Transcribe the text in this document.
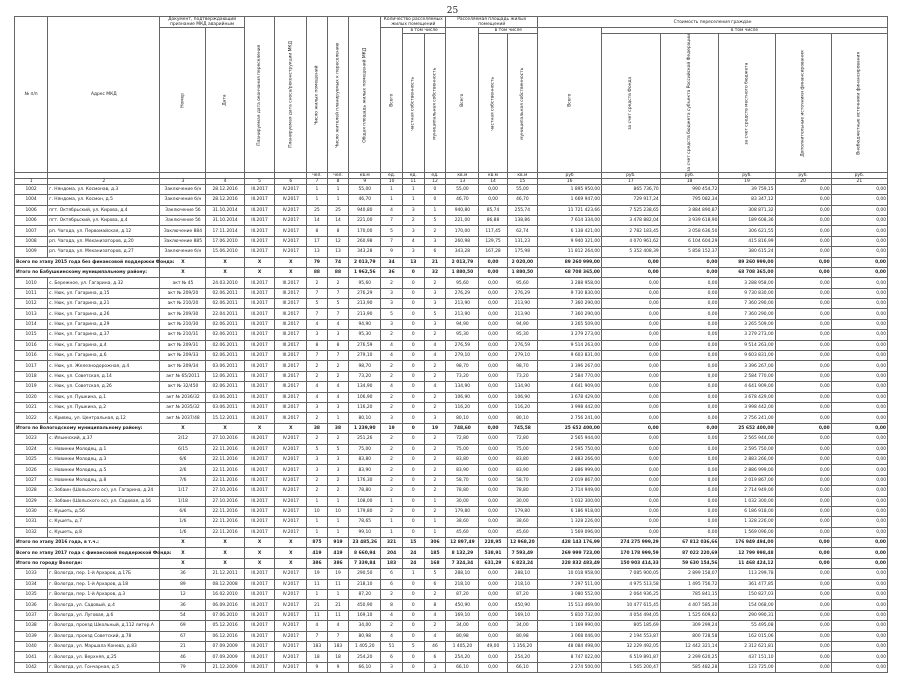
25
№ п/п	Адрес МКД	Документ, подтверждающий признание МКД аварийным		Планируемая дата окончания переселения	Планируемая дата сноса/реконструкции МКД	Число жилых помещений	Число жителей планируемых к переселению	Общая площадь жилых помещений МКД	Количество расселяемых жилых помещений			Расселяемая площадь жилых помещений			Стоимость переселения граждан					
		Номер	Дата						Всего	в том числе		Всего	в том числе		Всего	в том числе				
										частная собственность	муниципальная собственность		частная собственность	муниципальная собственность		за счет средств Фонда	за счет средств бюджета субъекта Российской Федерации	за счет средств местного бюджета	Дополнительные источники финансирования	Внебюджетные источники финансирования
						чел.	чел.	кв.м	ед.	ед.	ед.	кв.м	кв.м	кв.м	руб	руб.	руб.	руб.	руб.	руб.
1	2	3	4	5	6	7	8	9	10	11	12	13	14	15	16	17	18	19	20	21
1002	г. Няндома, ул. Космонав, д.3	Заключение б/н	28.12.2016	III.2017	IV.2017	1	1	55,00	1	1	0	55,00	0,00	55,00	1 895 950,00	865 736,70	990 454,72	39 759,15	0,00	0,00
1004	г. Няндома, ул. Космон, д.5	Заключение б/н	28.12.2016	III.2017	IV.2017	1	1	46,70	1	1	0	46,70	0,00	46,70	1 669 947,00	729 917,24	795 082,34	83 347,12	0,00	0,00
1006	пгт. Октябрьский, ул. Кирова, д.4	Заключение 5б	31.10.2014	III.2017	IV.2017	25	25	940,80	4	3	1	940,80	85,74	255,74	11 721 423,66	7 525 238,65	3 884 890,87	308 871,32	0,00	0,00
1006	пгт. Октябрьский, ул. Кирова, д.4	Заключение 5б	31.10.2014	III.2017	IV.2017	14	14	221,00	7	2	5	221,00	86,88	138,86	7 614 334,00	3 478 882,04	3 939 618,90	189 608,36	0,00	0,00
1007	рп. Чагода, ул. Первомайская, д.12	Заключение 884	17.11.2014	III.2017	IV.2017	8	8	170,00	5	3	2	170,00	117,45	62,74	6 138 421,00	2 782 183,45	3 058 636,50	306 621,55	0,00	0,00
1008	рп. Чагода, ул. Механизаторов, д.20	Заключение 885	17.06.2010	III.2017	IV.2017	17	12	260,98	7	4	3	260,98	129,75	131,23	9 940 321,00	4 070 961,62	6 104 604,29	415 816,99	0,00	0,00
1009	рп. Чагода, ул. Механизаторов, д.27	Заключение б/н	15.06.2010	III.2017	IV.2017	13	13	343,28	9	3	6	343,28	167,28	175,98	11 812 264,00	5 352 408,39	5 858 152,37	380 615,24	0,00	0,00
Всего по этапу 2015 года без финансовой поддержки Фонда:		X	X	X	X	79	74	2 013,79	34	13	21	2 013,79	0,00	2 020,00	89 260 999,00	0,00	0,00	89 260 999,00	0,00	0,00
Итого по Бабушкинскому муниципальному району:		X	X	X	X	88	88	1 962,56	36	0	32	1 880,50	0,00	1 880,50	68 708 365,00	0,00	0,00	68 708 365,00	0,00	0,00
1010	с. Бережное, ул. Гагарина, д.32	акт № 45	24.03.2010	III.2017	III.2017	2	2	95,60	2	0	2	95,60	0,00	95,60	3 288 958,00	0,00	0,00	3 288 958,00	0,00	0,00
1011	с. Нюк, ул. Гагарина, д.15	акт № 209/20	02.06.2011	III.2017	III.2017	7	7	276,29	3	0	3	276,29	0,00	276,29	9 730 830,00	0,00	0,00	9 730 830,00	0,00	0,00
1012	с. Нюк, ул. Гагарина, д.21	акт № 210/20	02.06.2011	III.2017	III.2017	5	5	213,90	3	0	3	213,90	0,00	213,90	7 360 290,00	0,00	0,00	7 360 290,00	0,00	0,00
1013	с. Нюк, ул. Гагарина, д.26	акт № 209/30	22.04.2011	III.2017	III.2017	7	7	213,90	5	0	5	213,90	0,00	213,90	7 360 290,00	0,00	0,00	7 360 290,00	0,00	0,00
1014	с. Нюк, ул. Гагарина, д.29	акт № 210/30	02.06.2011	III.2017	III.2017	4	4	94,90	3	0	3	94,90	0,00	94,90	3 265 509,00	0,00	0,00	3 265 509,00	0,00	0,00
1015	с. Нюк, ул. Гагарина, д.37	акт № 210/31	02.06.2011	III.2017	III.2017	3	3	95,30	2	0	2	95,30	0,00	95,30	3 279 273,00	0,00	0,00	3 279 273,00	0,00	0,00
1016	с. Нюк, ул. Гагарина, д.4	акт № 209/31	02.06.2011	III.2017	III.2017	8	8	276,59	4	0	4	276,59	0,00	276,59	9 514 263,00	0,00	0,00	9 514 263,00	0,00	0,00
1016	с. Нюк, ул. Гагарина, д.6	акт № 209/33	02.06.2011	III.2017	III.2017	7	7	279,10	4	0	4	279,10	0,00	279,10	9 603 831,00	0,00	0,00	9 603 831,00	0,00	0,00
1017	с. Нюк, ул. Железнодорожная, д.4	акт № 209/34	03.06.2011	III.2017	III.2017	2	2	98,70	2	0	2	98,70	0,00	98,70	3 396 267,00	0,00	0,00	3 396 267,00	0,00	0,00
1018	с. Нюк, ул. Советская, д.14	акт № 65/2011	12.06.2011	III.2017	III.2017	2	2	73,20	2	0	2	73,20	0,00	73,20	2 584 770,00	0,00	0,00	2 584 770,00	0,00	0,00
1019	с. Нюк, ул. Советская, д.26	акт № 32/450	02.06.2011	III.2017	III.2017	4	4	134,90	4	0	4	134,90	0,00	134,90	4 641 909,00	0,00	0,00	4 641 909,00	0,00	0,00
1020	с. Нюк, ул. Пушкина, д.1	акт № 2036/32	03.06.2011	III.2017	III.2017	4	4	106,90	2	0	2	106,90	0,00	106,90	3 678 429,00	0,00	0,00	3 678 429,00	0,00	0,00
1021	с. Нюк, ул. Пушкина, д.2	акт № 2035/32	03.06.2011	III.2017	III.2017	3	3	116,20	2	0	2	116,20	0,00	116,20	3 998 442,00	0,00	0,00	3 998 442,00	0,00	0,00
1022	с. Кривец, ул. Центральная, д.12	акт № 2037/48	15.12.2011	III.2017	III.2017	2	1	80,10	3	0	3	80,10	0,00	80,10	2 756 241,00	0,00	0,00	2 756 241,00	0,00	0,00
Итого по Вологодскому муниципальному району:		X	X	X	X	38	38	1 239,90	19	0	19	748,60	0,00	745,58	25 652 400,00	0,00	0,00	25 652 400,00	0,00	0,00
1023	с. Ильинский, д.37	2/12	27.10.2016	III.2017	IV.2017	2	2	251,26	2	0	2	72,80	0,00	72,80	2 565 944,00	0,00	0,00	2 565 944,00	0,00	0,00
1024	с. Новинки Молодец, д.1	6/15	22.11.2016	III.2017	IV.2017	5	5	75,00	2	0	2	75,00	0,00	75,00	2 595 750,00	0,00	0,00	2 595 750,00	0,00	0,00
1025	с. Новинки Молодец, д.3	6/6	22.11.2016	III.2017	IV.2017	3	3	83,80	2	0	2	83,80	0,00	83,80	2 883 266,00	0,00	0,00	2 883 266,00	0,00	0,00
1026	с. Новинки Молодец, д.5	2/6	22.11.2016	III.2017	IV.2017	3	3	83,90	2	0	2	83,90	0,00	83,90	2 886 999,00	0,00	0,00	2 886 999,00	0,00	0,00
1027	с. Новинки Молодец, д.8	7/6	22.11.2016	III.2017	IV.2017	2	2	176,30	2	0	2	58,70	0,00	58,70	2 019 867,00	0,00	0,00	2 019 867,00	0,00	0,00
1028	с. Зобаин (Шольского ос), ул. Гагарина, д.24	1/17	27.10.2016	III.2017	IV.2017	2	2	78,80	2	0	2	78,80	0,00	78,80	2 714 949,00	0,00	0,00	2 714 949,00	0,00	0,00
1029	с. Зобаин (Шольского ос), ул. Садовая, д.16	1/18	27.10.2016	III.2017	IV.2017	1	1	108,00	1	0	1	30,00	0,00	30,00	1 032 300,00	0,00	0,00	1 032 300,00	0,00	0,00
1030	с. Кушеть, д.56	6/6	22.11.2016	III.2017	IV.2017	10	10	179,80	2	0	2	179,80	0,00	179,80	6 186 918,00	0,00	0,00	6 186 918,00	0,00	0,00
1031	с. Кушеть, д.7	1/6	22.11.2016	III.2017	IV.2017	1	1	78,65	1	0	1	38,60	0,00	38,60	1 328 226,00	0,00	0,00	1 328 226,00	0,00	0,00
1032	с. Кушеть, д.8	1/6	22.11.2016	III.2017	IV.2017	1	1	99,10	1	0	1	45,60	0,00	45,60	1 569 096,00	0,00	0,00	1 569 096,00	0,00	0,00
Итого по этапу 2016 года, в т.ч.:		X	X	X	X	875	919	23 485,26	321	15	306	12 897,49	228,95	12 968,20	428 143 176,99	274 275 999,29	67 812 036,66	176 949 494,00	0,00	0,00
Всего по этапу 2017 года с финансовой поддержкой Фонда:		X	X	X	X	419	419	8 660,94	204	24	185	8 132,29	538,91	7 593,49	269 999 723,00	170 178 999,59	87 022 220,69	12 799 998,48	0,00	0,00
Итого по городу Вологде:		X	X	X	X	386	386	7 339,84	183	24	168	7 324,34	631,29	6 823,24	228 832 483,49	150 903 414,33	59 630 154,56	11 468 424,12	0,00	0,00
1033	г. Вологда, пер. 1-й Архаров, д.17Б	36	21.12.2011	III.2017	IV.2017	19	19	290,50	6	1	5	288,10	0,00	288,10	10 018 958,00	7 085 900,05	2 899 158,07	113 299,78	0,00	0,00
1034	г. Вологда, пер. 1-й Архаров, д.18	89	08.12.2008	III.2017	IV.2017	11	11	218,10	6	0	6	218,10	0,00	218,10	7 297 511,00	4 975 513,58	1 495 756,72	361 477,85	0,00	0,00
1035	г. Вологда, пер. 1-й Архаров, д.3	12	16.02.2010	III.2017	IV.2017	1	1	87,20	2	0	2	87,20	0,00	87,20	3 080 552,00	2 064 936,25	785 841,15	150 827,03	0,00	0,00
1036	г. Вологда, ул. Садовый, д.4	36	06.09.2016	III.2017	IV.2017	21	21	450,90	8	0	8	450,90	0,00	450,90	15 513 469,00	10 477 615,45	4 407 585,30	154 068,00	0,00	0,00
1037	г. Вологда, ул. Луговая, д.6	54	07.06.2010	III.2017	IV.2017	11	11	169,10	4	0	4	169,10	0,00	169,10	5 810 732,00	4 054 494,05	1 525 609,62	290 990,31	0,00	0,00
1038	г. Вологда, проезд Школьный, д.112 литер.А	69	05.12.2016	III.2017	IV.2017	4	4	34,00	2	0	2	34,00	0,00	34,00	1 169 990,00	805 185,69	309 299,24	55 495,08	0,00	0,00
1039	г. Вологда, проезд Советский, д.78	67	06.12.2016	III.2017	IV.2017	7	7	80,98	4	0	4	80,98	0,00	80,98	3 068 046,00	2 194 553,87	800 728,58	162 015,06	0,00	0,00
1040	г. Вологда, ул. Маршала Конева, д.83	21	07.09.2009	III.2017	IV.2017	183	183	1 405,20	51	5	46	1 405,20	49,00	1 356,20	48 084 498,00	32 229 492,05	12 442 321,14	2 312 621,81	0,00	0,00
1041	г. Вологда, ул. Верхняя, д.25	46	07.09.2009	III.2017	IV.2017	18	18	254,20	6	0	6	254,20	0,00	254,20	8 747 022,00	6 519 891,87	2 299 620,25	437 151,10	0,00	0,00
1042	г. Вологда, ул. Гончарная, д.5	79	21.12.2009	III.2017	IV.2017	9	9	66,10	3	0	3	66,10	0,00	66,10	2 274 500,00	1 565 200,47	585 482,28	123 725,00	0,00	0,00
